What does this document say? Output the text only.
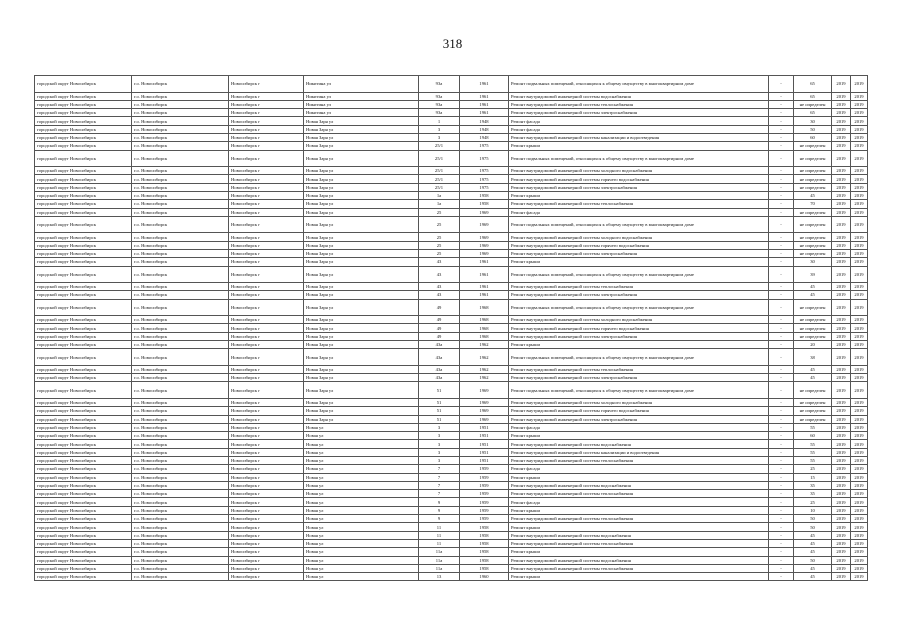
318
городской округ Новосибирск	г.о. Новосибирск	Новосибирск г	Никитина ул	93а	1961	Ремонт подвальных помещений, относящихся к общему имуществу в многоквартирном доме	-	65	2019	2019
городской округ Новосибирск	г.о. Новосибирск	Новосибирск г	Никитина ул	93а	1961	Ремонт внутридомовой инженерной системы водоснабжения	-	65	2019	2019
городской округ Новосибирск	г.о. Новосибирск	Новосибирск г	Никитина ул	93а	1961	Ремонт внутридомовой инженерной системы теплоснабжения	-	не определен	2019	2019
городской округ Новосибирск	г.о. Новосибирск	Новосибирск г	Никитина ул	93а	1961	Ремонт внутридомовой инженерной системы электроснабжения	-	65	2019	2019
городской округ Новосибирск	г.о. Новосибирск	Новосибирск г	Новая Заря ул	1	1948	Ремонт фасада	-	30	2019	2019
городской округ Новосибирск	г.о. Новосибирск	Новосибирск г	Новая Заря ул	3	1948	Ремонт фасада	-	50	2019	2019
городской округ Новосибирск	г.о. Новосибирск	Новосибирск г	Новая Заря ул	3	1948	Ремонт внутридомовой инженерной системы канализации и водоотведения	-	60	2019	2019
городской округ Новосибирск	г.о. Новосибирск	Новосибирск г	Новая Заря ул	25/1	1975	Ремонт крыши	-	не определен	2019	2019
городской округ Новосибирск	г.о. Новосибирск	Новосибирск г	Новая Заря ул	25/1	1975	Ремонт подвальных помещений, относящихся к общему имуществу в многоквартирном доме	-	не определен	2019	2019
городской округ Новосибирск	г.о. Новосибирск	Новосибирск г	Новая Заря ул	25/1	1975	Ремонт внутридомовой инженерной системы холодного водоснабжения	-	не определен	2019	2019
городской округ Новосибирск	г.о. Новосибирск	Новосибирск г	Новая Заря ул	25/1	1975	Ремонт внутридомовой инженерной системы горячего водоснабжения	-	не определен	2019	2019
городской округ Новосибирск	г.о. Новосибирск	Новосибирск г	Новая Заря ул	25/1	1975	Ремонт внутридомовой инженерной системы электроснабжения	-	не определен	2019	2019
городской округ Новосибирск	г.о. Новосибирск	Новосибирск г	Новая Заря ул	1а	1958	Ремонт крыши	-	45	2019	2019
городской округ Новосибирск	г.о. Новосибирск	Новосибирск г	Новая Заря ул	1а	1958	Ремонт внутридомовой инженерной системы теплоснабжения	-	70	2019	2019
городской округ Новосибирск	г.о. Новосибирск	Новосибирск г	Новая Заря ул	25	1969	Ремонт фасада	-	не определен	2019	2019
городской округ Новосибирск	г.о. Новосибирск	Новосибирск г	Новая Заря ул	25	1969	Ремонт подвальных помещений, относящихся к общему имуществу в многоквартирном доме	-	не определен	2019	2019
городской округ Новосибирск	г.о. Новосибирск	Новосибирск г	Новая Заря ул	25	1969	Ремонт внутридомовой инженерной системы холодного водоснабжения	-	не определен	2019	2019
городской округ Новосибирск	г.о. Новосибирск	Новосибирск г	Новая Заря ул	25	1969	Ремонт внутридомовой инженерной системы горячего водоснабжения	-	не определен	2019	2019
городской округ Новосибирск	г.о. Новосибирск	Новосибирск г	Новая Заря ул	25	1969	Ремонт внутридомовой инженерной системы электроснабжения	-	не определен	2019	2019
городской округ Новосибирск	г.о. Новосибирск	Новосибирск г	Новая Заря ул	43	1961	Ремонт крыши	-	30	2019	2019
городской округ Новосибирск	г.о. Новосибирск	Новосибирск г	Новая Заря ул	43	1961	Ремонт подвальных помещений, относящихся к общему имуществу в многоквартирном доме	-	39	2019	2019
городской округ Новосибирск	г.о. Новосибирск	Новосибирск г	Новая Заря ул	43	1961	Ремонт внутридомовой инженерной системы теплоснабжения	-	45	2019	2019
городской округ Новосибирск	г.о. Новосибирск	Новосибирск г	Новая Заря ул	43	1961	Ремонт внутридомовой инженерной системы электроснабжения	-	45	2019	2019
городской округ Новосибирск	г.о. Новосибирск	Новосибирск г	Новая Заря ул	49	1968	Ремонт подвальных помещений, относящихся к общему имуществу в многоквартирном доме	-	не определен	2019	2019
городской округ Новосибирск	г.о. Новосибирск	Новосибирск г	Новая Заря ул	49	1968	Ремонт внутридомовой инженерной системы холодного водоснабжения	-	не определен	2019	2019
городской округ Новосибирск	г.о. Новосибирск	Новосибирск г	Новая Заря ул	49	1968	Ремонт внутридомовой инженерной системы горячего водоснабжения	-	не определен	2019	2019
городской округ Новосибирск	г.о. Новосибирск	Новосибирск г	Новая Заря ул	49	1968	Ремонт внутридомовой инженерной системы электроснабжения	-	не определен	2019	2019
городской округ Новосибирск	г.о. Новосибирск	Новосибирск г	Новая Заря ул	43а	1962	Ремонт крыши	-	20	2019	2019
городской округ Новосибирск	г.о. Новосибирск	Новосибирск г	Новая Заря ул	43а	1962	Ремонт подвальных помещений, относящихся к общему имуществу в многоквартирном доме	-	38	2019	2019
городской округ Новосибирск	г.о. Новосибирск	Новосибирск г	Новая Заря ул	43а	1962	Ремонт внутридомовой инженерной системы теплоснабжения	-	45	2019	2019
городской округ Новосибирск	г.о. Новосибирск	Новосибирск г	Новая Заря ул	43а	1962	Ремонт внутридомовой инженерной системы электроснабжения	-	45	2019	2019
городской округ Новосибирск	г.о. Новосибирск	Новосибирск г	Новая Заря ул	51	1969	Ремонт подвальных помещений, относящихся к общему имуществу в многоквартирном доме	-	не определен	2019	2019
городской округ Новосибирск	г.о. Новосибирск	Новосибирск г	Новая Заря ул	51	1969	Ремонт внутридомовой инженерной системы холодного водоснабжения	-	не определен	2019	2019
городской округ Новосибирск	г.о. Новосибирск	Новосибирск г	Новая Заря ул	51	1969	Ремонт внутридомовой инженерной системы горячего водоснабжения	-	не определен	2019	2019
городской округ Новосибирск	г.о. Новосибирск	Новосибирск г	Новая Заря ул	51	1969	Ремонт внутридомовой инженерной системы электроснабжения	-	не определен	2019	2019
городской округ Новосибирск	г.о. Новосибирск	Новосибирск г	Новая ул	3	1951	Ремонт фасада	-	55	2019	2019
городской округ Новосибирск	г.о. Новосибирск	Новосибирск г	Новая ул	3	1951	Ремонт крыши	-	60	2019	2019
городской округ Новосибирск	г.о. Новосибирск	Новосибирск г	Новая ул	3	1951	Ремонт внутридомовой инженерной системы водоснабжения	-	55	2019	2019
городской округ Новосибирск	г.о. Новосибирск	Новосибирск г	Новая ул	3	1951	Ремонт внутридомовой инженерной системы канализации и водоотведения	-	55	2019	2019
городской округ Новосибирск	г.о. Новосибирск	Новосибирск г	Новая ул	3	1951	Ремонт внутридомовой инженерной системы теплоснабжения	-	55	2019	2019
городской округ Новосибирск	г.о. Новосибирск	Новосибирск г	Новая ул	7	1959	Ремонт фасада	-	25	2019	2019
городской округ Новосибирск	г.о. Новосибирск	Новосибирск г	Новая ул	7	1959	Ремонт крыши	-	15	2019	2019
городской округ Новосибирск	г.о. Новосибирск	Новосибирск г	Новая ул	7	1959	Ремонт внутридомовой инженерной системы водоснабжения	-	35	2019	2019
городской округ Новосибирск	г.о. Новосибирск	Новосибирск г	Новая ул	7	1959	Ремонт внутридомовой инженерной системы теплоснабжения	-	35	2019	2019
городской округ Новосибирск	г.о. Новосибирск	Новосибирск г	Новая ул	9	1959	Ремонт фасада	-	25	2019	2019
городской округ Новосибирск	г.о. Новосибирск	Новосибирск г	Новая ул	9	1959	Ремонт крыши	-	10	2019	2019
городской округ Новосибирск	г.о. Новосибирск	Новосибирск г	Новая ул	9	1959	Ремонт внутридомовой инженерной системы теплоснабжения	-	50	2019	2019
городской округ Новосибирск	г.о. Новосибирск	Новосибирск г	Новая ул	11	1958	Ремонт крыши	-	50	2019	2019
городской округ Новосибирск	г.о. Новосибирск	Новосибирск г	Новая ул	11	1958	Ремонт внутридомовой инженерной системы водоснабжения	-	45	2019	2019
городской округ Новосибирск	г.о. Новосибирск	Новосибирск г	Новая ул	11	1958	Ремонт внутридомовой инженерной системы теплоснабжения	-	45	2019	2019
городской округ Новосибирск	г.о. Новосибирск	Новосибирск г	Новая ул	11а	1958	Ремонт крыши	-	45	2019	2019
городской округ Новосибирск	г.о. Новосибирск	Новосибирск г	Новая ул	11а	1958	Ремонт внутридомовой инженерной системы водоснабжения	-	50	2019	2019
городской округ Новосибирск	г.о. Новосибирск	Новосибирск г	Новая ул	11а	1958	Ремонт внутридомовой инженерной системы теплоснабжения	-	45	2019	2019
городской округ Новосибирск	г.о. Новосибирск	Новосибирск г	Новая ул	13	1960	Ремонт крыши	-	45	2019	2019
